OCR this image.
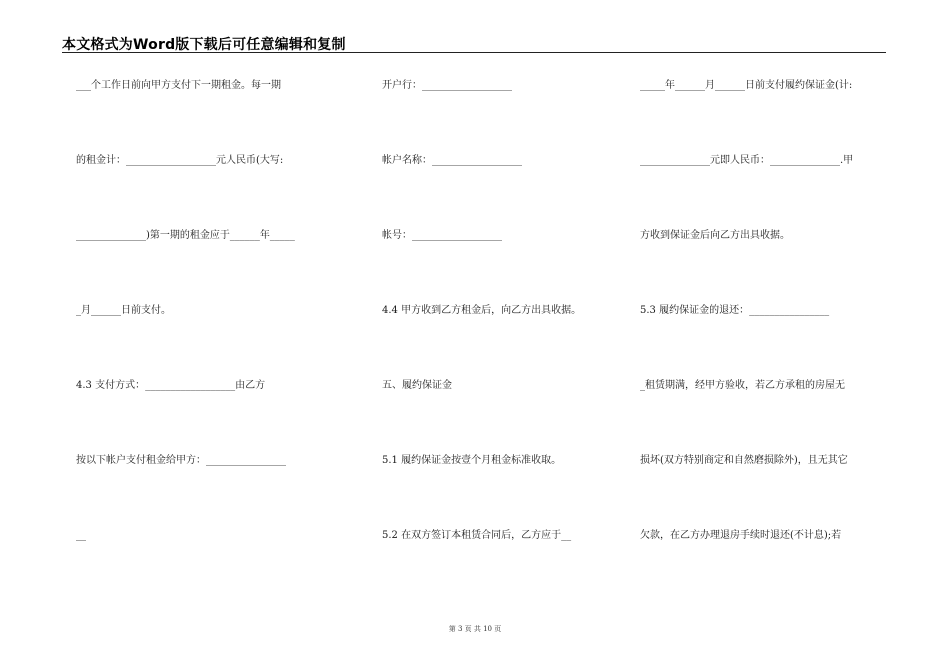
本文格式为Word版下载后可任意编辑和复制
___个工作日前向甲方支付下一期租金。每一期
的租金计：__________________元人民币(大写:
______________)第一期的租金应于______年_____
_月______日前支付。
4.3 支付方式：__________________由乙方
按以下帐户支付租金给甲方：________________
__
开户行：__________________
帐户名称：__________________
帐号：__________________
4.4 甲方收到乙方租金后，向乙方出具收据。
五、履约保证金
5.1 履约保证金按壹个月租金标准收取。
5.2 在双方签订本租赁合同后，乙方应于__
_____年______月______日前支付履约保证金(计:
______________元即人民币：______________.甲
方收到保证金后向乙方出具收据。
5.3 履约保证金的退还：________________
_租赁期满，经甲方验收，若乙方承租的房屋无
损坏(双方特别商定和自然磨损除外)，且无其它
欠款，在乙方办理退房手续时退还(不计息);若
第 3 页 共 10 页
